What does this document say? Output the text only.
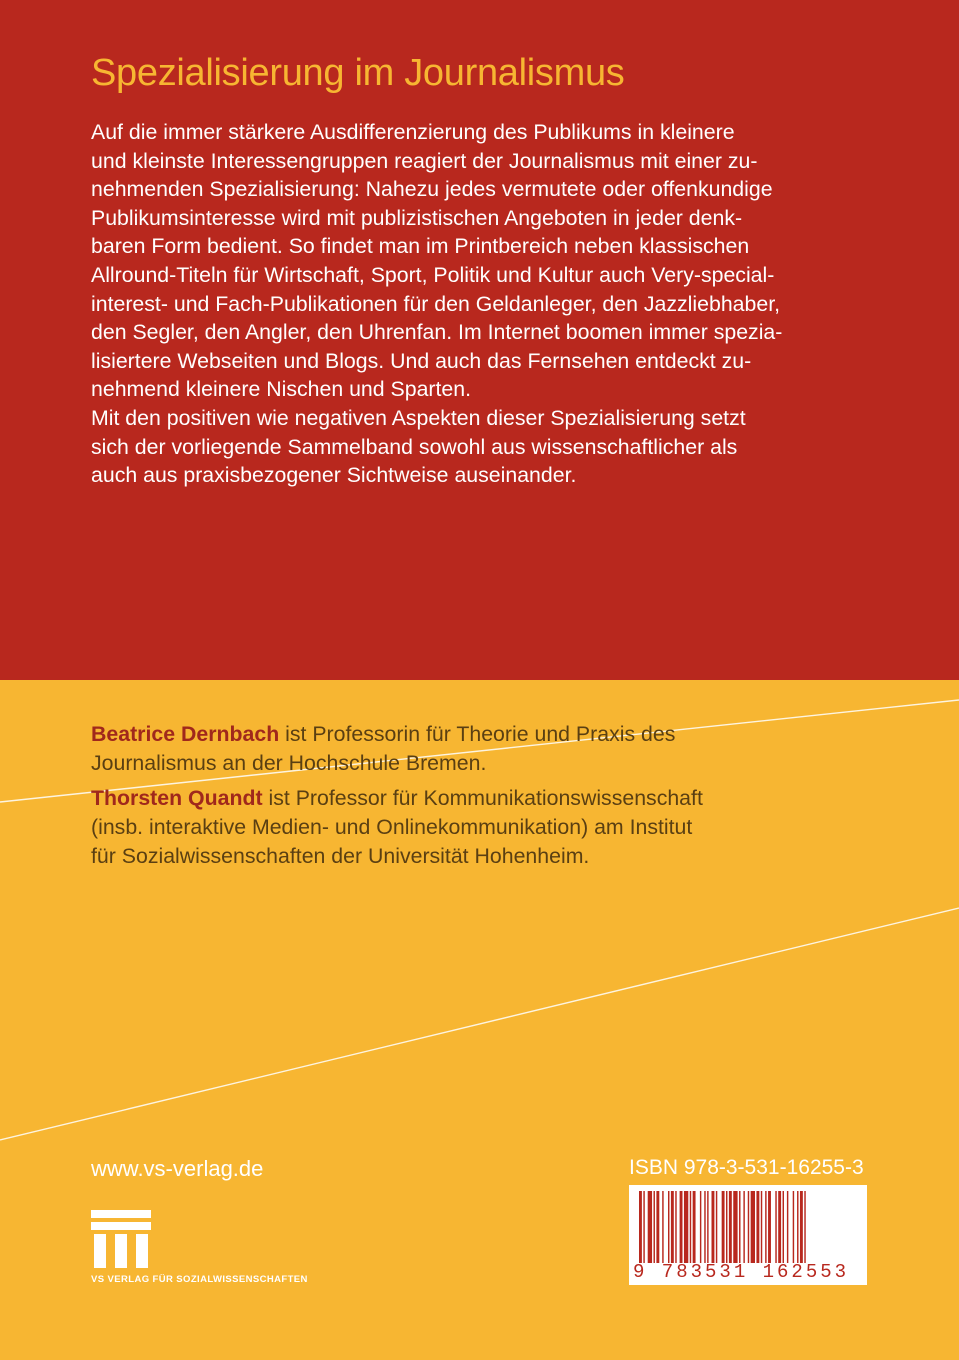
Spezialisierung im Journalismus

Auf die immer stärkere Ausdifferenzierung des Publikums in kleinere
und kleinste Interessengruppen reagiert der Journalismus mit einer zu-
nehmenden Spezialisierung: Nahezu jedes vermutete oder offenkundige
Publikumsinteresse wird mit publizistischen Angeboten in jeder denk-
baren Form bedient. So findet man im Printbereich neben klassischen
Allround-Titeln für Wirtschaft, Sport, Politik und Kultur auch Very-special-
interest- und Fach-Publikationen für den Geldanleger, den Jazzliebhaber,
den Segler, den Angler, den Uhrenfan. Im Internet boomen immer spezia-
lisiertere Webseiten und Blogs. Und auch das Fernsehen entdeckt zu-
nehmend kleinere Nischen und Sparten.

Mit den positiven wie negativen Aspekten dieser Spezialisierung setzt
sich der vorliegende Sammelband sowohl aus wissenschaftlicher als
auch aus praxisbezogener Sichtweise auseinander.

Beatrice Dernbach ist Professorin für Theorie und Praxis des
Journalismus an der Hochschule Bremen.

Thorsten Quandt ist Professor für Kommunikationswissenschaft
(insb. interaktive Medien- und Onlinekommunikation) am Institut
für Sozialwissenschaften der Universität Hohenheim.

www.vs-verlag.de
VS VERLAG FÜR SOZIALWISSENSCHAFTEN
ISBN 978-3-531-16255-3
9 783531 162553
